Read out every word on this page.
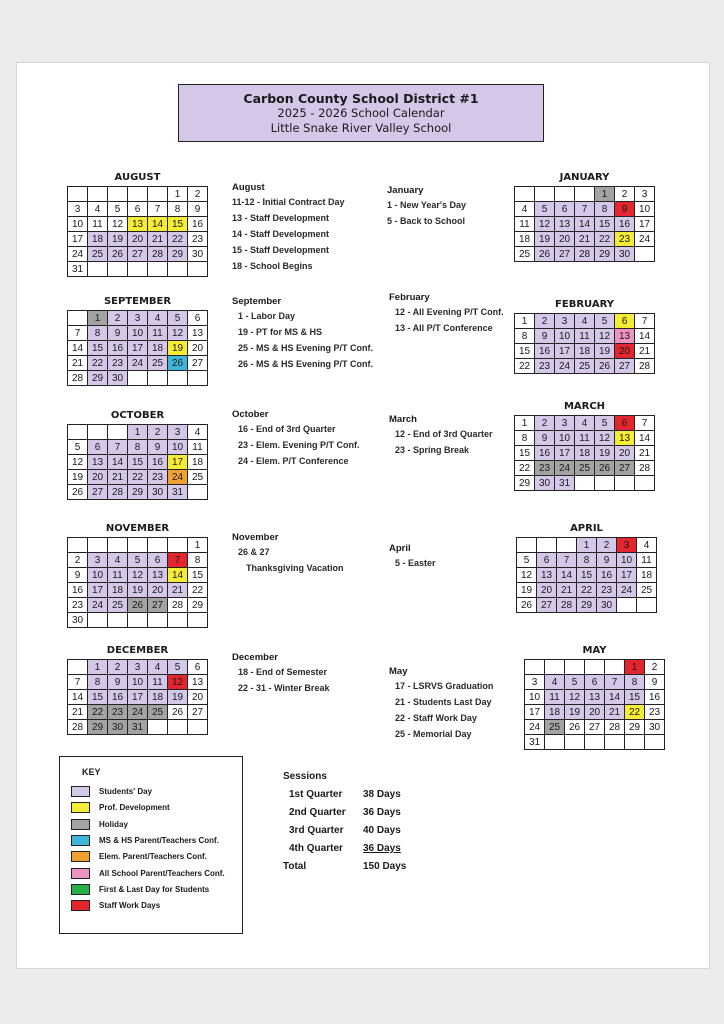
Carbon County School District #1
2025 - 2026 School Calendar
Little Snake River Valley School
AUGUST
					1	2
3	4	5	6	7	8	9
10	11	12	13	14	15	16
17	18	19	20	21	22	23
24	25	26	27	28	29	30
31						
SEPTEMBER
	1	2	3	4	5	6
7	8	9	10	11	12	13
14	15	16	17	18	19	20
21	22	23	24	25	26	27
28	29	30				
OCTOBER
			1	2	3	4
5	6	7	8	9	10	11
12	13	14	15	16	17	18
19	20	21	22	23	24	25
26	27	28	29	30	31	
NOVEMBER
						1
2	3	4	5	6	7	8
9	10	11	12	13	14	15
16	17	18	19	20	21	22
23	24	25	26	27	28	29
30						
DECEMBER
	1	2	3	4	5	6
7	8	9	10	11	12	13
14	15	16	17	18	19	20
21	22	23	24	25	26	27
28	29	30	31			
JANUARY
				1	2	3
4	5	6	7	8	9	10
11	12	13	14	15	16	17
18	19	20	21	22	23	24
25	26	27	28	29	30	
FEBRUARY
1	2	3	4	5	6	7
8	9	10	11	12	13	14
15	16	17	18	19	20	21
22	23	24	25	26	27	28
MARCH
1	2	3	4	5	6	7
8	9	10	11	12	13	14
15	16	17	18	19	20	21
22	23	24	25	26	27	28
29	30	31				
APRIL
			1	2	3	4
5	6	7	8	9	10	11
12	13	14	15	16	17	18
19	20	21	22	23	24	25
26	27	28	29	30		
MAY
					1	2
3	4	5	6	7	8	9
10	11	12	13	14	15	16
17	18	19	20	21	22	23
24	25	26	27	28	29	30
31						
August
11-12 - Initial Contract Day
13 - Staff Development
14 - Staff Development
15 - Staff Development
18 - School Begins
September
1 - Labor Day
19 - PT for MS & HS
25 - MS & HS Evening P/T Conf.
26 - MS & HS Evening P/T Conf.
October
16 - End of 3rd Quarter
23 - Elem. Evening P/T Conf.
24 - Elem. P/T Conference
November
26 & 27
Thanksgiving Vacation
December
18 - End of Semester
22 - 31 - Winter Break
January
1 - New Year's Day
5 - Back to School
February
12 - All Evening P/T Conf.
13 - All P/T Conference
March
12 - End of 3rd Quarter
23 - Spring Break
April
5 - Easter
May
17 - LSRVS Graduation
21 - Students Last Day
22 - Staff Work Day
25 - Memorial Day
KEY
Students' Day
Prof. Development
Holiday
MS & HS Parent/Teachers Conf.
Elem. Parent/Teachers Conf.
All School Parent/Teachers Conf.
First & Last Day for Students
Staff Work Days
Sessions
1st Quarter 38 Days
2nd Quarter 36 Days
3rd Quarter 40 Days
4th Quarter 36 Days
Total	150 Days
